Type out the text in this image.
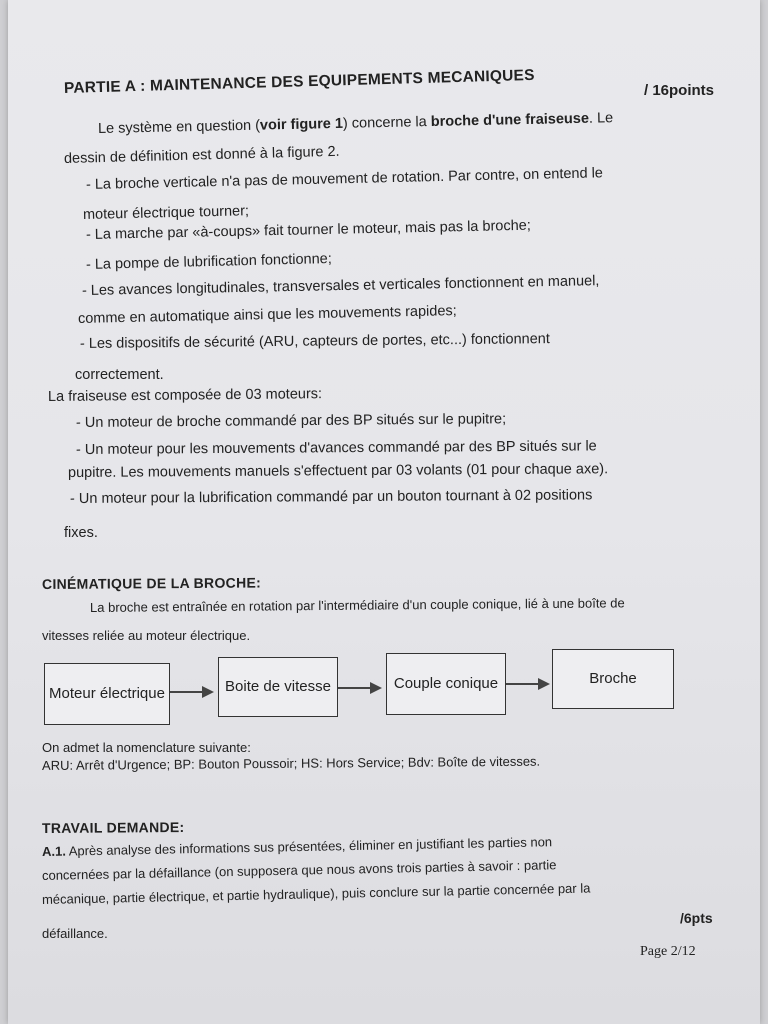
PARTIE A : MAINTENANCE DES EQUIPEMENTS MECANIQUES	/ 16points
Le système en question (voir figure 1) concerne la broche d'une fraiseuse. Le
dessin de définition est donné à la figure 2.
- La broche verticale n'a pas de mouvement de rotation. Par contre, on entend le
moteur électrique tourner;
- La marche par «à-coups» fait tourner le moteur, mais pas la broche;
- La pompe de lubrification fonctionne;
- Les avances longitudinales, transversales et verticales fonctionnent en manuel,
comme en automatique ainsi que les mouvements rapides;
- Les dispositifs de sécurité (ARU, capteurs de portes, etc...) fonctionnent
correctement.
La fraiseuse est composée de 03 moteurs:
- Un moteur de broche commandé par des BP situés sur le pupitre;
- Un moteur pour les mouvements d'avances commandé par des BP situés sur le
pupitre. Les mouvements manuels s'effectuent par 03 volants (01 pour chaque axe).
- Un moteur pour la lubrification commandé par un bouton tournant à 02 positions
fixes.
CINÉMATIQUE DE LA BROCHE:
La broche est entraînée en rotation par l'intermédiaire d'un couple conique, lié à une boîte de
vitesses reliée au moteur électrique.
Moteur électrique	Boite de vitesse	Couple conique	Broche
On admet la nomenclature suivante:
ARU: Arrêt d'Urgence; BP: Bouton Poussoir; HS: Hors Service; Bdv: Boîte de vitesses.
TRAVAIL DEMANDE:
A.1. Après analyse des informations sus présentées, éliminer en justifiant les parties non
concernées par la défaillance (on supposera que nous avons trois parties à savoir : partie
mécanique, partie électrique, et partie hydraulique), puis conclure sur la partie concernée par la
défaillance.
/6pts
Page 2/12
